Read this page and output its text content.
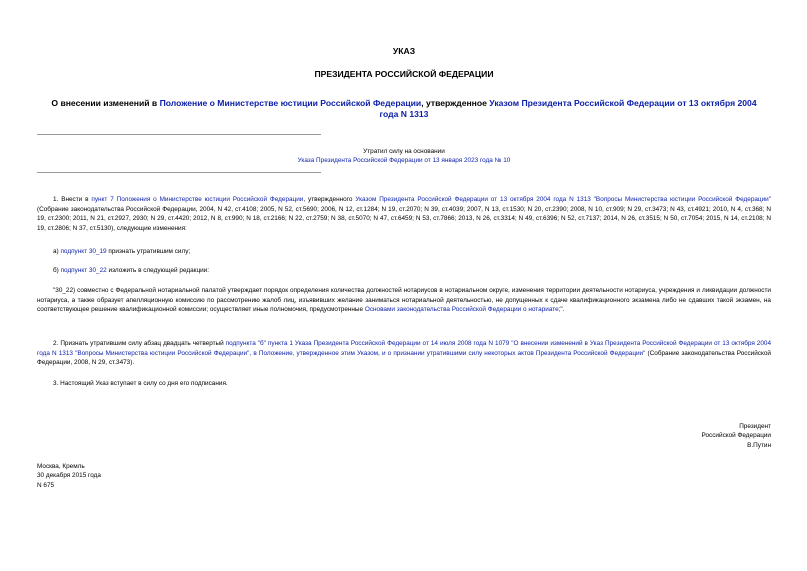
УКАЗ
ПРЕЗИДЕНТА РОССИЙСКОЙ ФЕДЕРАЦИИ
О внесении изменений в Положение о Министерстве юстиции Российской Федерации, утвержденное Указом Президента Российской Федерации от 13 октября 2004 года N 1313
Утратил силу на основании
Указа Президента Российской Федерации от 13 января 2023 года № 10
1. Внести в пункт 7 Положения о Министерстве юстиции Российской Федерации, утвержденного Указом Президента Российской Федерации от 13 октября 2004 года N 1313 "Вопросы Министерства юстиции Российской Федерации" (Собрание законодательства Российской Федерации, 2004, N 42, ст.4108; 2005, N 52, ст.5690; 2006, N 12, ст.1284; N 19, ст.2070; N 39, ст.4039; 2007, N 13, ст.1530; N 20, ст.2390; 2008, N 10, ст.909; N 29, ст.3473; N 43, ст.4921; 2010, N 4, ст.368; N 19, ст.2300; 2011, N 21, ст.2927, 2930; N 29, ст.4420; 2012, N 8, ст.990; N 18, ст.2166; N 22, ст.2759; N 38, ст.5070; N 47, ст.6459; N 53, ст.7866; 2013, N 26, ст.3314; N 49, ст.6396; N 52, ст.7137; 2014, N 26, ст.3515; N 50, ст.7054; 2015, N 14, ст.2108; N 19, ст.2806; N 37, ст.5130), следующие изменения:
а) подпункт 30_19 признать утратившим силу;
б) подпункт 30_22 изложить в следующей редакции:
"30_22) совместно с Федеральной нотариальной палатой утверждает порядок определения количества должностей нотариусов в нотариальном округе, изменения территории деятельности нотариуса, учреждения и ликвидации должности нотариуса, а также образует апелляционную комиссию по рассмотрению жалоб лиц, изъявивших желание заниматься нотариальной деятельностью, не допущенных к сдаче квалификационного экзамена либо не сдавших такой экзамен, на соответствующее решение квалификационной комиссии; осуществляет иные полномочия, предусмотренные Основами законодательства Российской Федерации о нотариате;".
2. Признать утратившим силу абзац двадцать четвертый подпункта "б" пункта 1 Указа Президента Российской Федерации от 14 июля 2008 года N 1079 "О внесении изменений в Указ Президента Российской Федерации от 13 октября 2004 года N 1313 "Вопросы Министерства юстиции Российской Федерации", в Положение, утвержденное этим Указом, и о признании утратившими силу некоторых актов Президента Российской Федерации" (Собрание законодательства Российской Федерации, 2008, N 29, ст.3473).
3. Настоящий Указ вступает в силу со дня его подписания.
Президент
Российской Федерации
В.Путин
Москва, Кремль
30 декабря 2015 года
N 675
